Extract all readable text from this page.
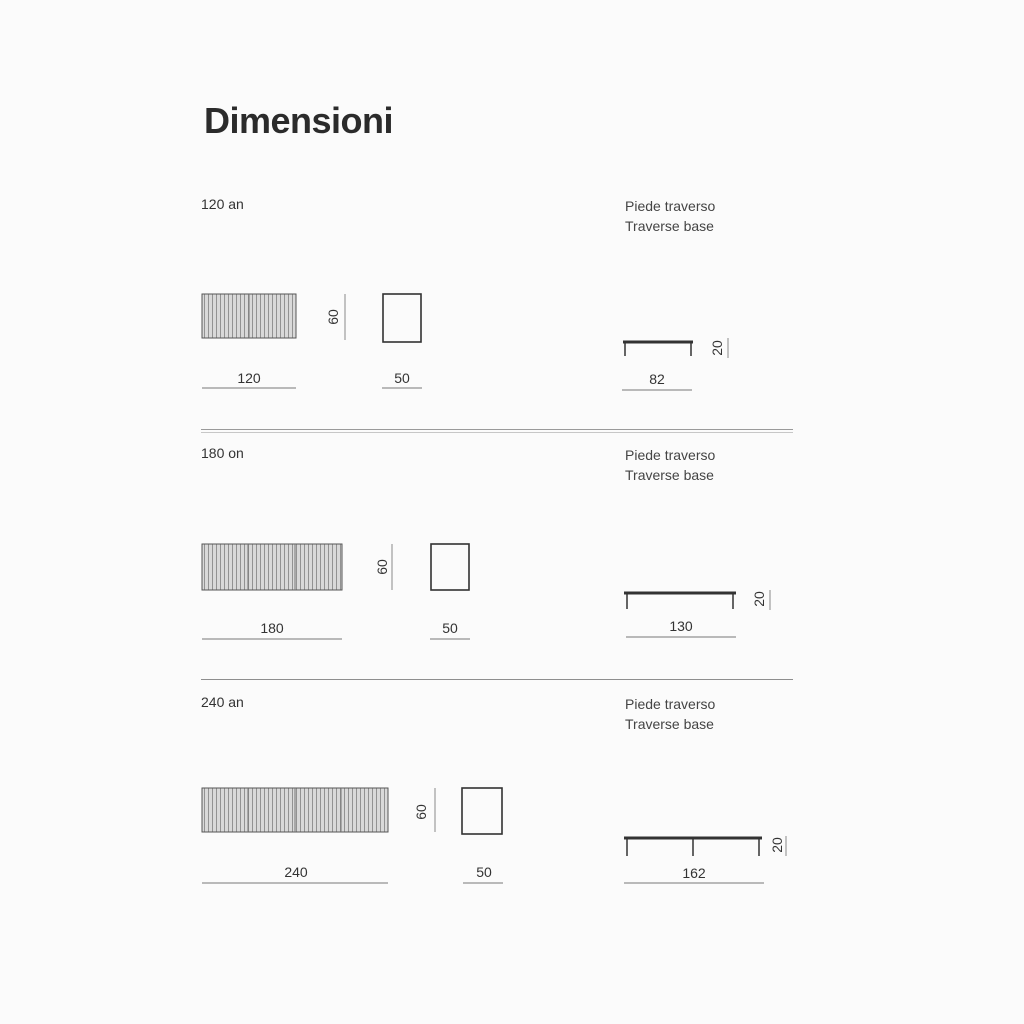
Dimensioni
120 an	Piede traverso
Traverse base
120
60
50
20
82
180 on	Piede traverso
Traverse base
180
60
50
20
130
240 an	Piede traverso
Traverse base
240
60
50
20
162
